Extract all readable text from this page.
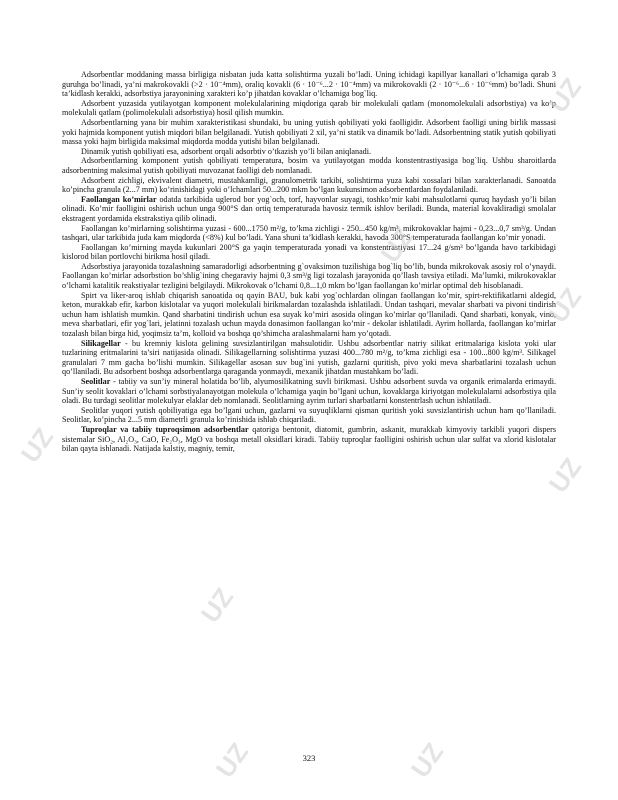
Adsorbentlar moddaning massa birligiga nisbatan juda katta solishtirma yuzali bo’ladi. Uning ichidagi kapillyar kanallari o’lchamiga qarab 3 guruhga bo’linadi, ya’ni makrokovakli (>2 · 10⁻⁴mm), oraliq kovakli (6 · 10⁻⁶...2 · 10⁻⁴mm) va mikrokovakli (2 · 10⁻⁶...6 · 10⁻⁶mm) bo’ladi. Shuni ta’kidlash kerakki, adsorbstiya jarayonining xarakteri ko’p jihatdan kovaklar o’lchamiga bog`liq.

Adsorbent yuzasida yutilayotgan komponent molekulalarining miqdoriga qarab bir molekulali qatlam (monomolekulali adsorbstiya) va ko’p molekulali qatlam (polimolekulali adsorbstiya) hosil qilish mumkin.

Adsorbentlarning yana bir muhim xarakteristikasi shundaki, bu uning yutish qobiliyati yoki faolligidir. Adsorbent faolligi uning birlik massasi yoki hajmida komponent yutish miqdori bilan belgilanadi. Yutish qobiliyati 2 xil, ya’ni statik va dinamik bo’ladi. Adsorbentning statik yutish qobiliyati massa yoki hajm birligida maksimal miqdorda modda yutishi bilan belgilanadi.

Dinamik yutish qobiliyati esa, adsorbent orqali adsorbtiv o’tkazish yo’li bilan aniqlanadi.

Adsorbentlarning komponent yutish qobiliyati temperatura, bosim va yutilayotgan modda konstentrastiyasiga bog`liq. Ushbu sharoitlarda adsorbentning maksimal yutish qobiliyati muvozanat faolligi deb nomlanadi.

Adsorbent zichligi, ekvivalent diametri, mustahkamligi, granulometrik tarkibi, solishtirma yuza kabi xossalari bilan xarakterlanadi. Sanoatda ko’pincha granula (2...7 mm) ko’rinishidagi yoki o’lchamlari 50...200 mkm bo’lgan kukunsimon adsorbentlardan foydalaniladi.

Faollangan ko’mirlar odatda tarkibida uglerod bor yog`och, torf, hayvonlar suyagi, toshko’mir kabi mahsulotlarni quruq haydash yo’li bilan olinadi. Ko’mir faolligini oshirish uchun unga 900°S dan ortiq temperaturada havosiz termik ishlov beriladi. Bunda, material kovakliradigi smolalar ekstragent yordamida ekstrakstiya qilib olinadi.

Faollangan ko’mirlarning solishtirma yuzasi - 600...1750 m²/g, to’kma zichligi - 250...450 kg/m³, mikrokovaklar hajmi - 0,23...0,7 sm³/g. Undan tashqari, ular tarkibida juda kam miqdorda (<8%) kul bo’ladi. Yana shuni ta’kidlash kerakki, havoda 300°S temperaturada faollangan ko’mir yonadi.

Faollangan ko’mirning mayda kukunlari 200°S ga yaqin temperaturada yonadi va konstentrastiyasi 17...24 g/sm³ bo’lganda havo tarkibidagi kislorod bilan portlovchi birikma hosil qiladi.

Adsorbstiya jarayonida tozalashning samaradorligi adsorbentning g`ovaksimon tuzilishiga bog`liq bo’lib, bunda mikrokovak asosiy rol o’ynaydi. Faollangan ko’mirlar adsorbstion bo’shlig`ining chegaraviy hajmi 0,3 sm³/g ligi tozalash jarayonida qo’llash tavsiya etiladi. Ma’lumki, mikrokovaklar o’lchami katalitik reakstiyalar tezligini belgilaydi. Mikrokovak o’lchami 0,8...1,0 mkm bo’lgan faollangan ko’mirlar optimal deb hisoblanadi.

Spirt va liker-aroq ishlab chiqarish sanoatida oq qayin BAU, buk kabi yog`ochlardan olingan faollangan ko’mir, spirt-rektifikatlarni aldegid, keton, murakkab efir, karbon kislotalar va yuqori molekulali birikmalardan tozalashda ishlatiladi. Undan tashqari, mevalar sharbati va pivoni tindirish uchun ham ishlatish mumkin. Qand sharbatini tindirish uchun esa suyak ko’miri asosida olingan ko’mirlar qo’llaniladi. Qand sharbati, konyak, vino, meva sharbatlari, efir yog`lari, jelatinni tozalash uchun mayda donasimon faollangan ko’mir - dekolar ishlatiladi. Ayrim hollarda, faollangan ko’mirlar tozalash bilan birga hid, yoqimsiz ta’m, kolloid va boshqa qo’shimcha aralashmalarni ham yo’qotadi.

Silikagellar - bu kremniy kislota gelining suvsizlantirilgan mahsulotidir. Ushbu adsorbentlar natriy silikat eritmalariga kislota yoki ular tuzlarining eritmalarini ta’siri natijasida olinadi. Silikagellarning solishtirma yuzasi 400...780 m²/g, to’kma zichligi esa - 100...800 kg/m³. Silikagel granulalari 7 mm gacha bo’lishi mumkin. Silikagellar asosan suv bug`ini yutish, gazlarni quritish, pivo yoki meva sharbatlarini tozalash uchun qo’llaniladi. Bu adsorbent boshqa adsorbentlarga qaraganda yonmaydi, mexanik jihatdan mustahkam bo’ladi.

Seolitlar - tabiiy va sun’iy mineral holatida bo’lib, alyumosilikatning suvli birikmasi. Ushbu adsorbent suvda va organik erimalarda erimaydi. Sun’iy seolit kovaklari o’lchami sorbstiyalanayotgan molekula o’lchamiga yaqin bo’lgani uchun, kovaklarga kiriyotgan molekulalarni adsorbstiya qila oladi. Bu turdagi seolitlar molekulyar elaklar deb nomlanadi. Seolitlarning ayrim turlari sharbatlarni konstentrlash uchun ishlatiladi.

Seolitlar yuqori yutish qobiliyatiga ega bo’lgani uchun, gazlarni va suyuqliklarni qisman quritish yoki suvsizlantirish uchun ham qo’llaniladi. Seolitlar, ko’pincha 2...5 mm diametrli granula ko’rinishida ishlab chiqariladi.

Tuproqlar va tabiiy tuproqsimon adsorbentlar qatoriga bentonit, diatomit, gumbrin, askanit, murakkab kimyoviy tarkibli yuqori dispers sistemalar SiO₂, Al₂O₃, CaO, Fe₂O₃, MgO va boshqa metall oksidlari kiradi. Tabiiy tuproqlar faolligini oshirish uchun ular sulfat va xlorid kislotalar bilan qayta ishlanadi. Natijada kalstiy, magniy, temir,

323
UZ
UZ
UZ
UZ
UZ
UZ
UZ
UZ
